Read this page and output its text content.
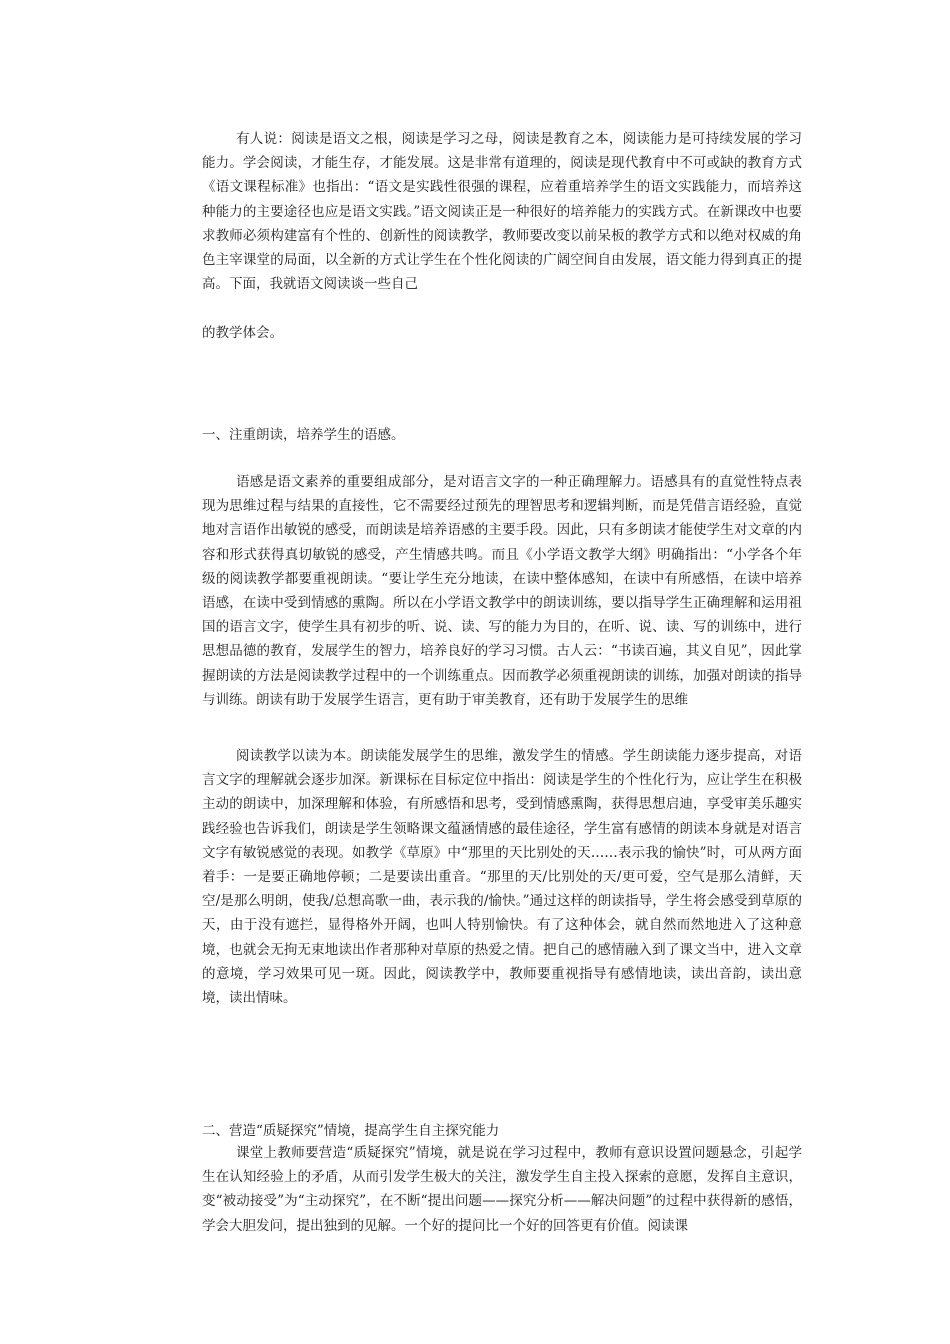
有人说：阅读是语文之根，阅读是学习之母，阅读是教育之本，阅读能力是可持续发展的学习能力。学会阅读，才能生存，才能发展。这是非常有道理的，阅读是现代教育中不可或缺的教育方式《语文课程标准》也指出：“语文是实践性很强的课程，应着重培养学生的语文实践能力，而培养这种能力的主要途径也应是语文实践。”语文阅读正是一种很好的培养能力的实践方式。在新课改中也要求教师必须构建富有个性的、创新性的阅读教学，教师要改变以前呆板的教学方式和以绝对权威的角色主宰课堂的局面，以全新的方式让学生在个性化阅读的广阔空间自由发展，语文能力得到真正的提高。下面，我就语文阅读谈一些自己

的教学体会。

一、注重朗读，培养学生的语感。

语感是语文素养的重要组成部分，是对语言文字的一种正确理解力。语感具有的直觉性特点表现为思维过程与结果的直接性，它不需要经过预先的理智思考和逻辑判断，而是凭借言语经验，直觉地对言语作出敏锐的感受，而朗读是培养语感的主要手段。因此，只有多朗读才能使学生对文章的内容和形式获得真切敏锐的感受，产生情感共鸣。而且《小学语文教学大纲》明确指出：“小学各个年级的阅读教学都要重视朗读。“要让学生充分地读，在读中整体感知，在读中有所感悟，在读中培养语感，在读中受到情感的熏陶。所以在小学语文教学中的朗读训练，要以指导学生正确理解和运用祖国的语言文字，使学生具有初步的听、说、读、写的能力为目的，在听、说、读、写的训练中，进行思想品德的教育，发展学生的智力，培养良好的学习习惯。古人云：“书读百遍，其义自见”，因此掌握朗读的方法是阅读教学过程中的一个训练重点。因而教学必须重视朗读的训练，加强对朗读的指导与训练。朗读有助于发展学生语言，更有助于审美教育，还有助于发展学生的思维

阅读教学以读为本。朗读能发展学生的思维，激发学生的情感。学生朗读能力逐步提高，对语言文字的理解就会逐步加深。新课标在目标定位中指出：阅读是学生的个性化行为，应让学生在积极主动的朗读中，加深理解和体验，有所感悟和思考，受到情感熏陶，获得思想启迪，享受审美乐趣实践经验也告诉我们，朗读是学生领略课文蕴涵情感的最佳途径，学生富有感情的朗读本身就是对语言文字有敏锐感觉的表现。如教学《草原》中“那里的天比别处的天……表示我的愉快”时，可从两方面着手：一是要正确地停顿；二是要读出重音。“那里的天/比别处的天/更可爱，空气是那么清鲜，天空/是那么明朗，使我/总想高歌一曲，表示我的/愉快。”通过这样的朗读指导，学生将会感受到草原的天，由于没有遮拦，显得格外开阔，也叫人特别愉快。有了这种体会，就自然而然地进入了这种意境，也就会无拘无束地读出作者那种对草原的热爱之情。把自己的感情融入到了课文当中，进入文章的意境，学习效果可见一斑。因此，阅读教学中，教师要重视指导有感情地读，读出音韵，读出意境，读出情味。

二、营造“质疑探究”情境，提高学生自主探究能力

课堂上教师要营造“质疑探究”情境，就是说在学习过程中，教师有意识设置问题悬念，引起学生在认知经验上的矛盾，从而引发学生极大的关注，激发学生自主投入探索的意愿，发挥自主意识，变“被动接受”为“主动探究”，在不断“提出问题——探究分析——解决问题”的过程中获得新的感悟，学会大胆发问，提出独到的见解。一个好的提问比一个好的回答更有价值。阅读课
